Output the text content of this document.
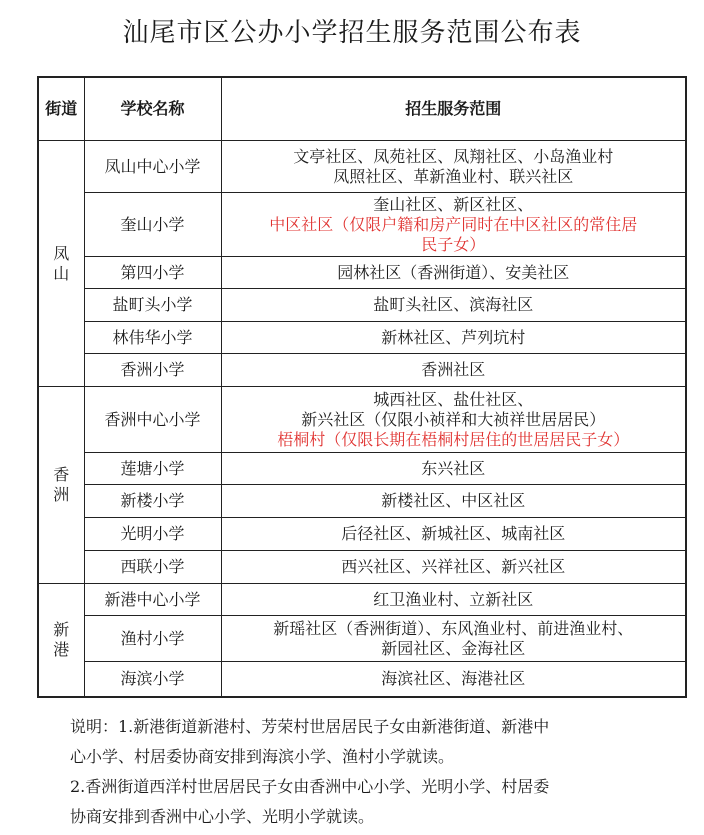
汕尾市区公办小学招生服务范围公布表
街道	学校名称	招生服务范围
凤山	凤山中心小学	文亭社区、凤苑社区、凤翔社区、小岛渔业村
凤照社区、革新渔业村、联兴社区

	奎山小学	奎山社区、新区社区、
中区社区（仅限户籍和房产同时在中区社区的常住居
民子女）

	第四小学	园林社区（香洲街道）、安美社区

	盐町头小学	盐町头社区、滨海社区

	林伟华小学	新林社区、芦列坑村

	香洲小学	香洲社区

香洲	香洲中心小学	城西社区、盐仕社区、
新兴社区（仅限小祯祥和大祯祥世居居民）
梧桐村（仅限长期在梧桐村居住的世居居民子女）

	莲塘小学	东兴社区

	新楼小学	新楼社区、中区社区

	光明小学	后径社区、新城社区、城南社区

	西联小学	西兴社区、兴祥社区、新兴社区

新港	新港中心小学	红卫渔业村、立新社区

	渔村小学	新瑶社区（香洲街道）、东风渔业村、前进渔业村、
新园社区、金海社区

	海滨小学	海滨社区、海港社区

说明：1.新港街道新港村、芳荣村世居居民子女由新港街道、新港中

心小学、村居委协商安排到海滨小学、渔村小学就读。

2.香洲街道西洋村世居居民子女由香洲中心小学、光明小学、村居委

协商安排到香洲中心小学、光明小学就读。
